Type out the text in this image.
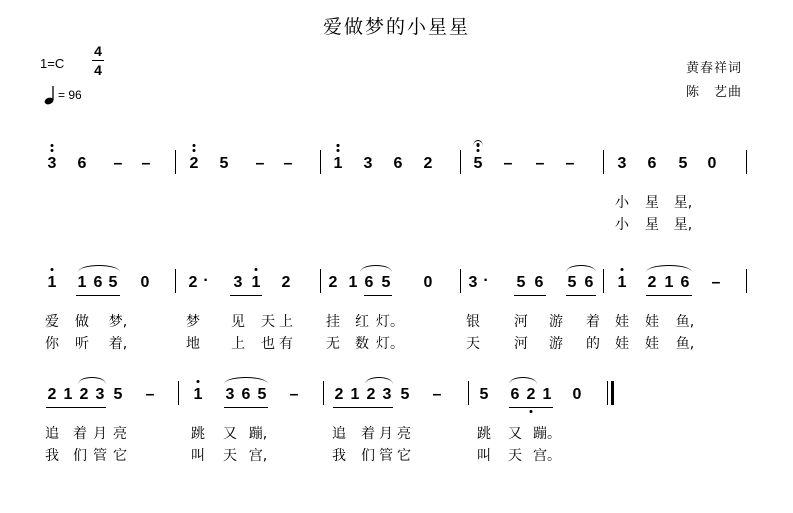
爱做梦的小星星
1=C
4
4
= 96
黄春祥词
陈　艺曲
3 6 – – 2 5 – –	1 3 6 2	5 – – –	3 6 5 0
小 星 星,
小 星 星,
1 1 6 5 0 2 · 3 1 2 2 1 6 5 0 3 · 5 6 5 6 1 2 1 6 –
爱 做 梦,	梦 见 天 上 挂 红 灯。	银 河 游 着 娃 娃 鱼,
你 听 着,	地 上 也 有 无 数 灯。	天 河 游 的 娃 娃 鱼,
2 1 2 3 5 – 1 3 6 5 – 2 1 2 3 5 – 5 6 2 1 0
追 着 月 亮	跳 又 蹦,	追 着 月 亮	跳 又 蹦。
我 们 管 它	叫 天 宫,	我 们 管 它	叫 天 宫。
